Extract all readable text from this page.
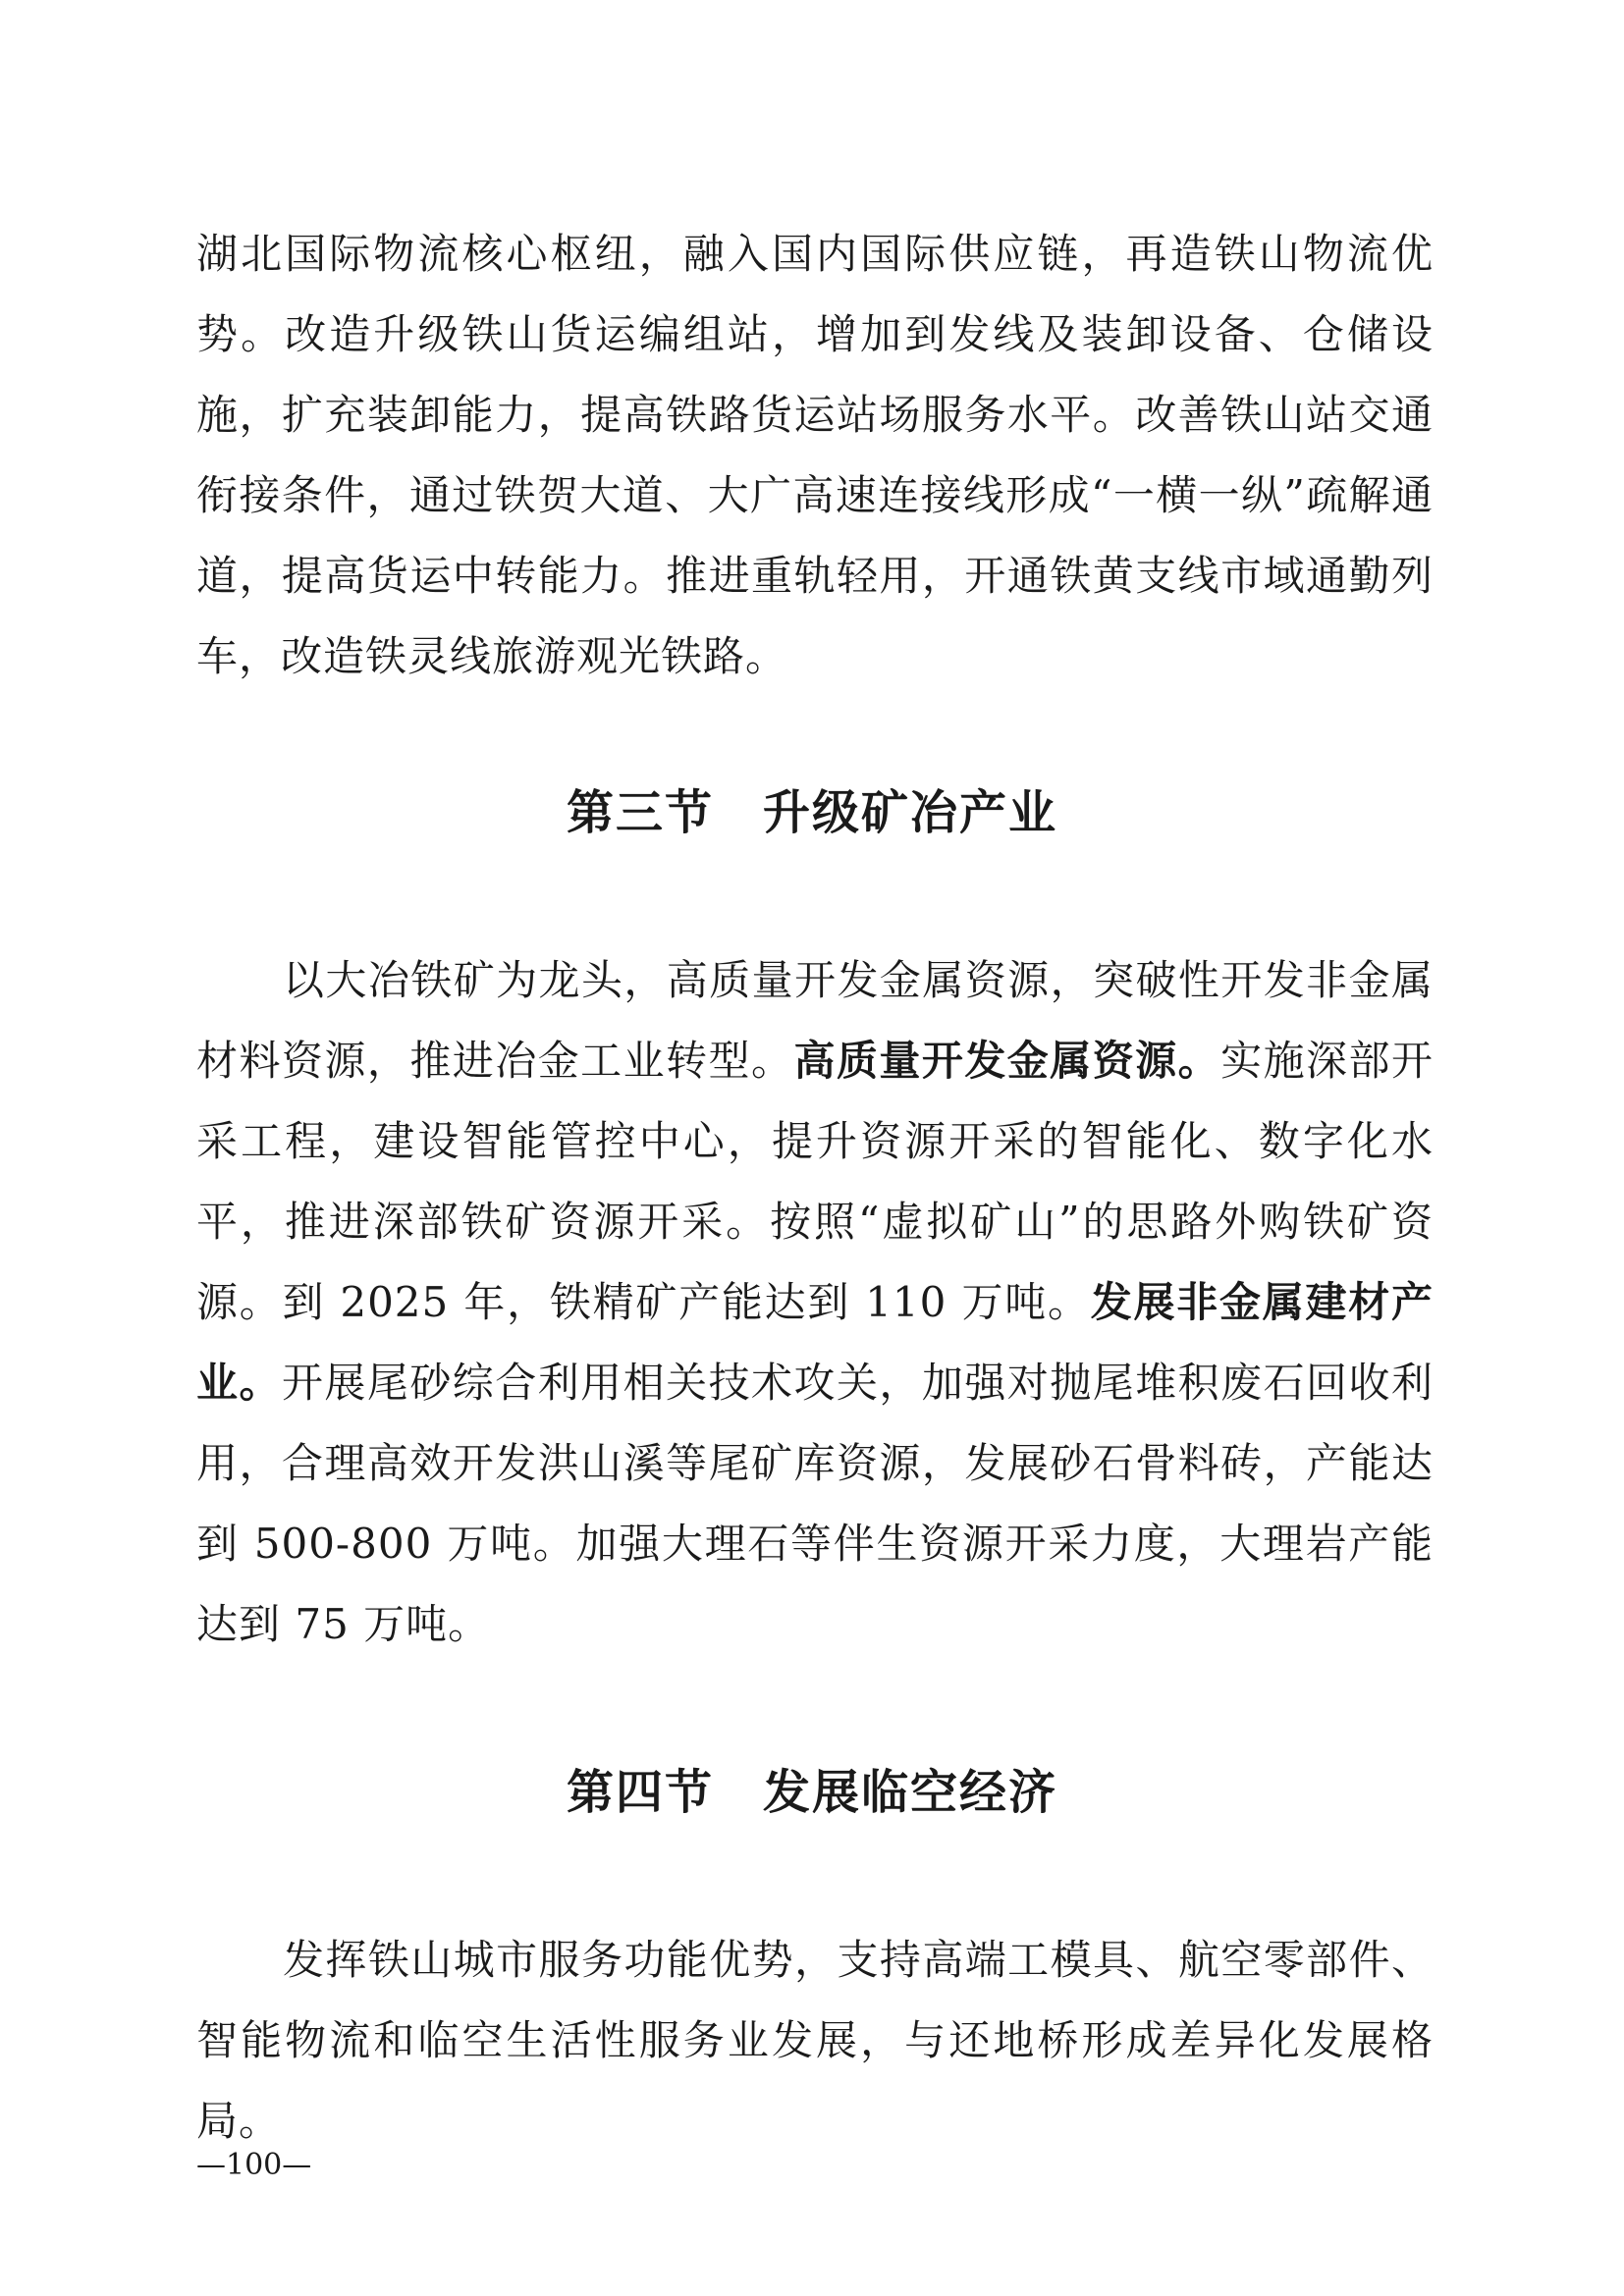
湖北国际物流核心枢纽，融入国内国际供应链，再造铁山物流优势。改造升级铁山货运编组站，增加到发线及装卸设备、仓储设施，扩充装卸能力，提高铁路货运站场服务水平。改善铁山站交通衔接条件，通过铁贺大道、大广高速连接线形成“一横一纵”疏解通道，提高货运中转能力。推进重轨轻用，开通铁黄支线市域通勤列车，改造铁灵线旅游观光铁路。

第三节　升级矿冶产业

以大冶铁矿为龙头，高质量开发金属资源，突破性开发非金属材料资源，推进冶金工业转型。高质量开发金属资源。实施深部开采工程，建设智能管控中心，提升资源开采的智能化、数字化水平，推进深部铁矿资源开采。按照“虚拟矿山”的思路外购铁矿资源。到 2025 年，铁精矿产能达到 110 万吨。发展非金属建材产业。开展尾砂综合利用相关技术攻关，加强对抛尾堆积废石回收利用，合理高效开发洪山溪等尾矿库资源，发展砂石骨料砖，产能达到 500-800 万吨。加强大理石等伴生资源开采力度，大理岩产能达到 75 万吨。

第四节　发展临空经济

发挥铁山城市服务功能优势，支持高端工模具、航空零部件、智能物流和临空生活性服务业发展，与还地桥形成差异化发展格局。

—100—
